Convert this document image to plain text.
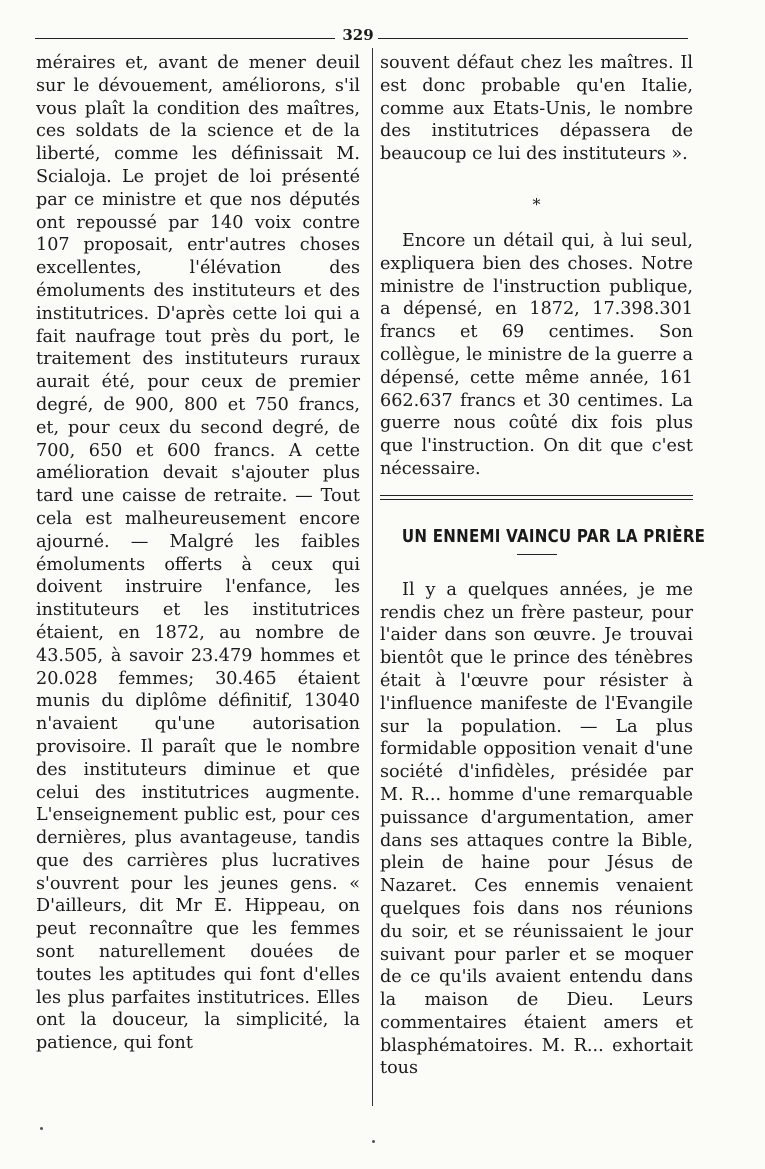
329

méraires et, avant de mener deuil sur le dévouement, améliorons, s'il vous plaît la condition des maîtres, ces soldats de la science et de la liberté, comme les définissait M. Scialoja. Le projet de loi présenté par ce ministre et que nos députés ont repoussé par 140 voix contre 107 proposait, entr'autres choses excellentes, l'élévation des émoluments des instituteurs et des institutrices. D'après cette loi qui a fait naufrage tout près du port, le traitement des instituteurs ruraux aurait été, pour ceux de premier degré, de 900, 800 et 750 francs, et, pour ceux du second degré, de 700, 650 et 600 francs. A cette amélioration devait s'ajouter plus tard une caisse de retraite. — Tout cela est malheureusement encore ajourné. — Malgré les faibles émoluments offerts à ceux qui doivent instruire l'enfance, les instituteurs et les institutrices étaient, en 1872, au nombre de 43.505, à savoir 23.479 hommes et 20.028 femmes; 30.465 étaient munis du diplôme définitif, 13040 n'avaient qu'une autorisation provisoire. Il paraît que le nombre des instituteurs diminue et que celui des institutrices augmente. L'enseignement public est, pour ces dernières, plus avantageuse, tandis que des carrières plus lucratives s'ouvrent pour les jeunes gens. « D'ailleurs, dit Mr E. Hippeau, on peut reconnaître que les femmes sont naturellement douées de toutes les aptitudes qui font d'elles les plus parfaites institutrices. Elles ont la douceur, la simplicité, la patience, qui font

souvent défaut chez les maîtres. Il est donc probable qu'en Italie, comme aux Etats-Unis, le nombre des institutrices dépassera de beaucoup ce lui des instituteurs ».

*

Encore un détail qui, à lui seul, expliquera bien des choses. Notre ministre de l'instruction publique, a dépensé, en 1872, 17.398.301 francs et 69 centimes. Son collègue, le ministre de la guerre a dépensé, cette même année, 161 662.637 francs et 30 centimes. La guerre nous coûté dix fois plus que l'instruction. On dit que c'est nécessaire.

UN ENNEMI VAINCU PAR LA PRIÈRE

Il y a quelques années, je me rendis chez un frère pasteur, pour l'aider dans son œuvre. Je trouvai bientôt que le prince des ténèbres était à l'œuvre pour résister à l'influence manifeste de l'Evangile sur la population. — La plus formidable opposition venait d'une société d'infidèles, présidée par M. R... homme d'une remarquable puissance d'argumentation, amer dans ses attaques contre la Bible, plein de haine pour Jésus de Nazaret. Ces ennemis venaient quelques fois dans nos réunions du soir, et se réunissaient le jour suivant pour parler et se moquer de ce qu'ils avaient entendu dans la maison de Dieu. Leurs commentaires étaient amers et blasphématoires. M. R... exhortait tous
